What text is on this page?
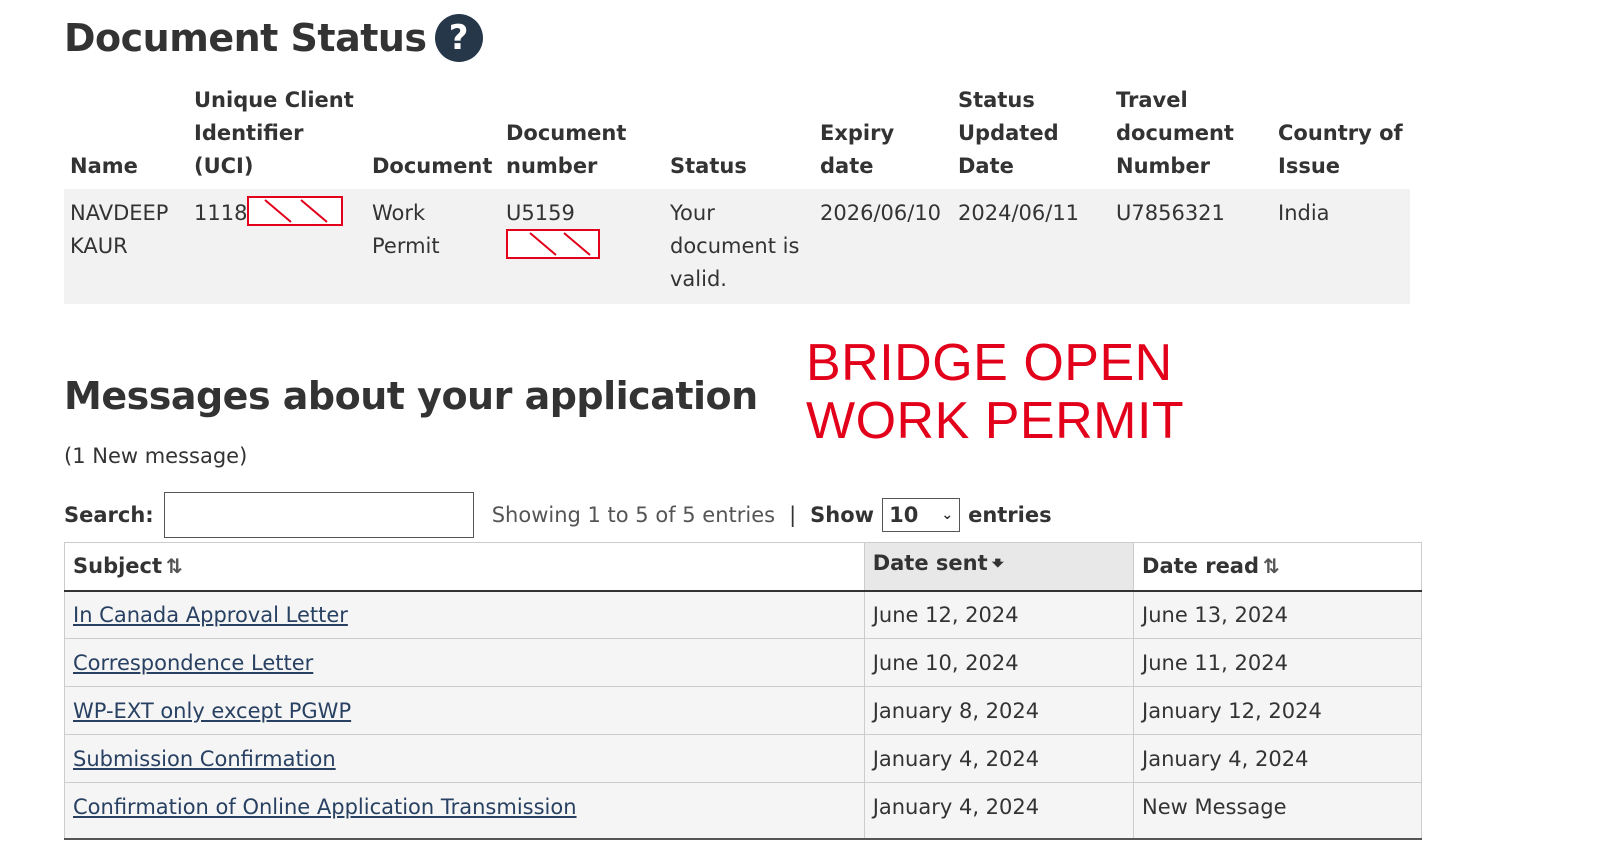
Document Status ?
Name	Unique Client Identifier (UCI)	Document	Document number	Status	Expiry date	Status Updated Date	Travel document Number	Country of Issue
NAVDEEP KAUR	1118	Work Permit	U5159	Your document is valid.	2026/06/10	2024/06/11	U7856321	India
BRIDGE OPEN
WORK PERMIT
Messages about your application
(1 New message)
Search:	Showing 1 to 5 of 5 entries | Show 10 ⌄ entries
Subject ⇅	Date sent 🠻	Date read ⇅
In Canada Approval Letter	June 12, 2024	June 13, 2024
Correspondence Letter	June 10, 2024	June 11, 2024
WP-EXT only except PGWP	January 8, 2024	January 12, 2024
Submission Confirmation	January 4, 2024	January 4, 2024
Confirmation of Online Application Transmission	January 4, 2024	New Message
